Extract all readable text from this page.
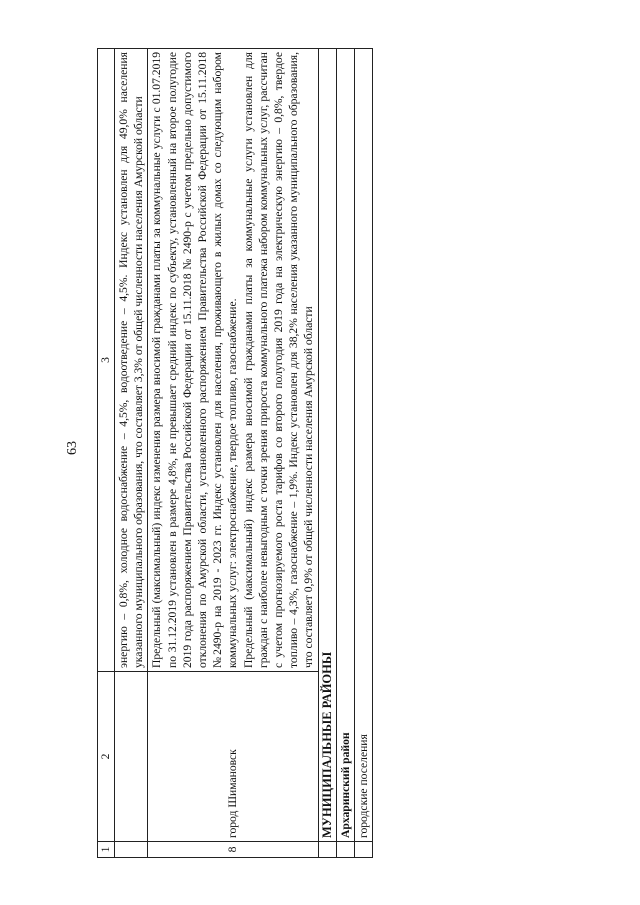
63
1	2	3
		энергию – 0,8%, холодное водоснабжение – 4,5%, водоотведение – 4,5%. Индекс установлен для 49,0% населения указанного муниципального образования, что составляет 3,3% от общей численности населения Амурской области
8	город Шимановск	Предельный (максимальный) индекс изменения размера вносимой гражданами платы за коммунальные услуги с 01.07.2019 по 31.12.2019 установлен в размере 4,8%, не превышает средний индекс по субъекту, установленный на второе полугодие 2019 года распоряжением Правительства Российской Федерации от 15.11.2018 № 2490-р с учетом предельно допустимого отклонения по Амурской области, установленного распоряжением Правительства Российской Федерации от 15.11.2018 №2490-р на 2019 - 2023 гг. Индекс установлен для населения, проживающего в жилых домах со следующим набором коммунальных услуг: электроснабжение, твердое топливо, газоснабжение. Предельный (максимальный) индекс размера вносимой гражданами платы за коммунальные услуги установлен для граждан с наиболее невыгодным с точки зрения прироста коммунального платежа набором коммунальных услуг, рассчитан с учетом прогнозируемого роста тарифов со второго полугодия 2019 года на электрическую энергию – 0,8%, твердое топливо – 4,3%, газоснабжение – 1,9%. Индекс установлен для 38,2% населения указанного муниципального образования, что составляет 0,9% от общей численности населения Амурской области

	МУНИЦИПАЛЬНЫЕ РАЙОНЫ	
	Архаринский район	
	городские поселения	
